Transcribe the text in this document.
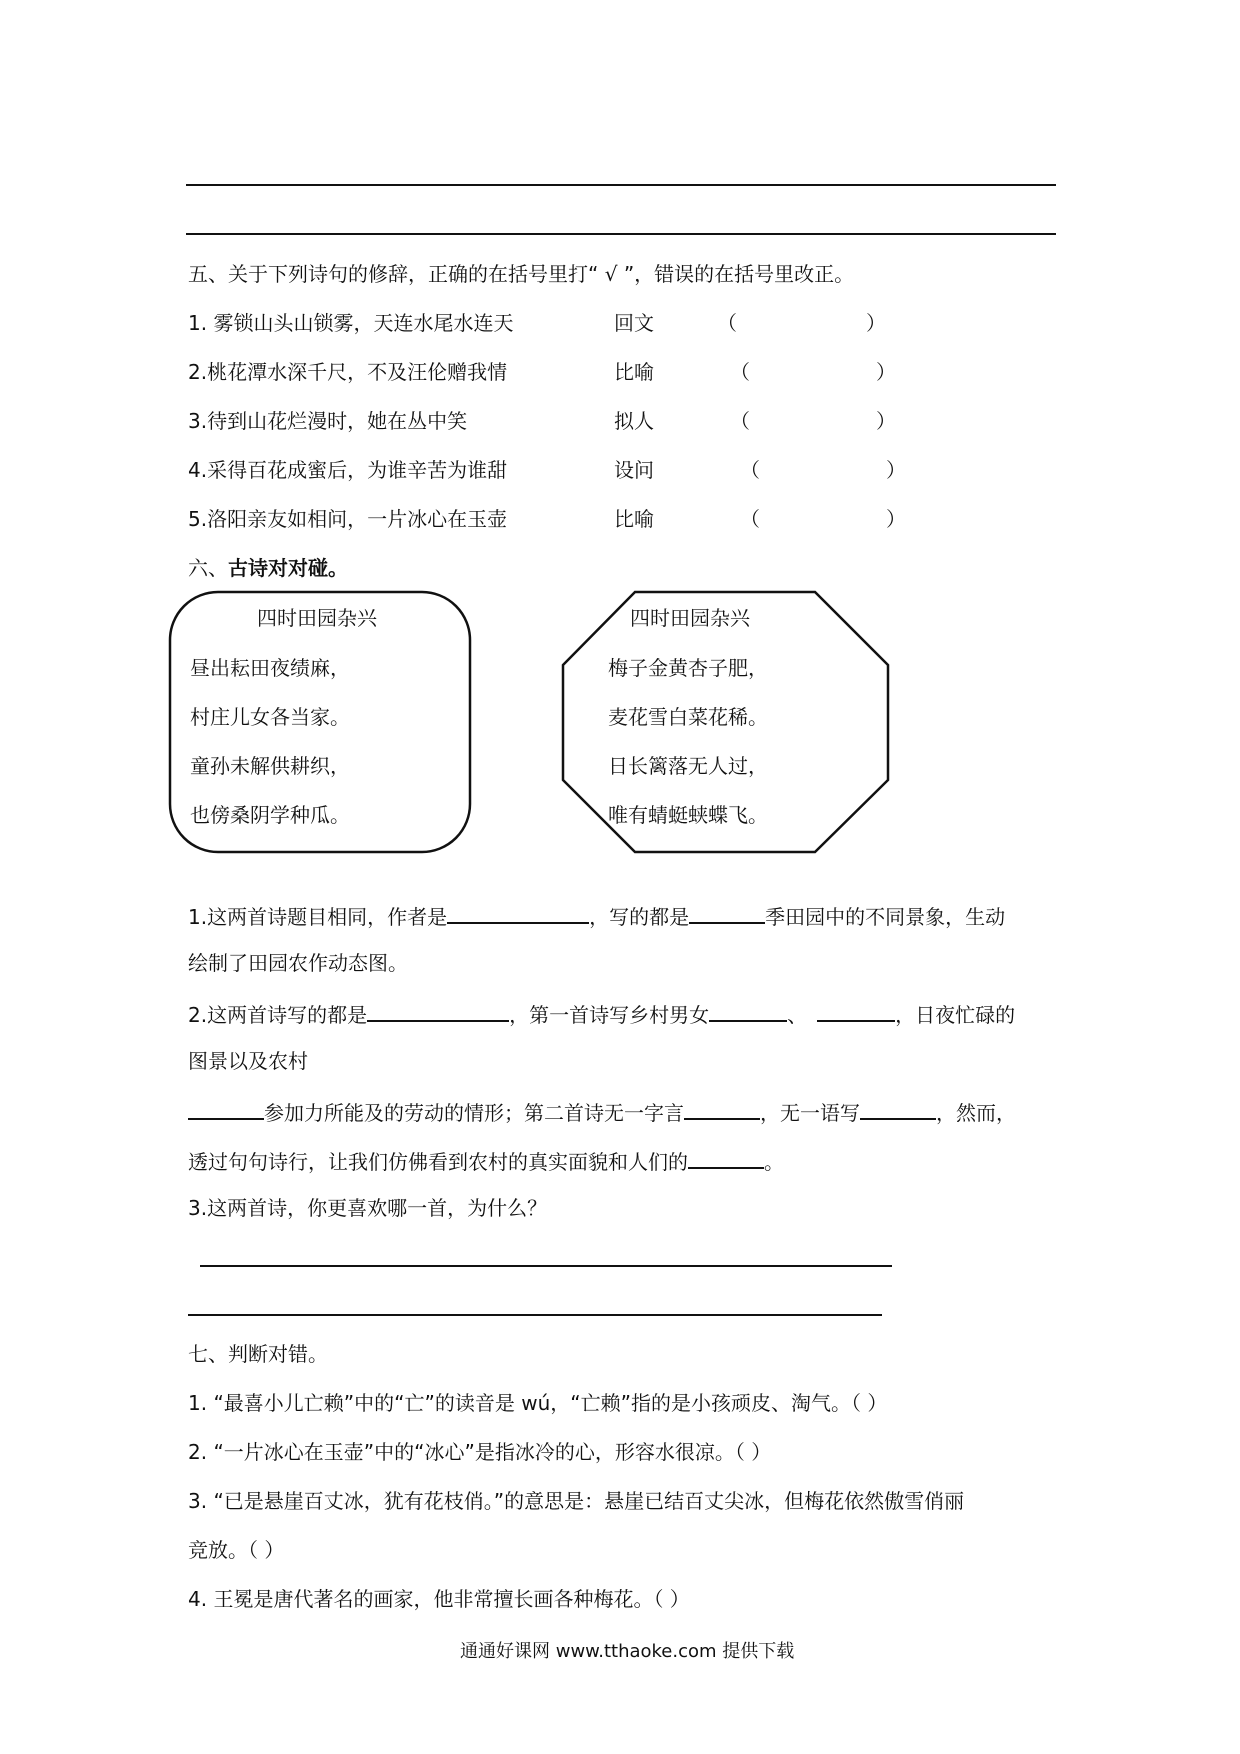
五、关于下列诗句的修辞，正确的在括号里打“ √ ”，错误的在括号里改正。
1. 雾锁山头山锁雾，天连水尾水连天	回文	（	）
2.桃花潭水深千尺，不及汪伦赠我情	比喻	（	）
3.待到山花烂漫时，她在丛中笑	拟人	（	）
4.采得百花成蜜后，为谁辛苦为谁甜	设问	（	）
5.洛阳亲友如相问，一片冰心在玉壶	比喻	（	）
六、古诗对对碰。
四时田园杂兴
昼出耘田夜绩麻，
村庄儿女各当家。
童孙未解供耕织，
也傍桑阴学种瓜。
四时田园杂兴
梅子金黄杏子肥，
麦花雪白菜花稀。
日长篱落无人过，
唯有蜻蜓蛱蝶飞。
1.这两首诗题目相同，作者是	，写的都是	季田园中的不同景象，生动
绘制了田园农作动态图。
2.这两首诗写的都是	，第一首诗写乡村男女	、	，日夜忙碌的
图景以及农村
参加力所能及的劳动的情形；第二首诗无一字言	，无一语写	，然而，
透过句句诗行，让我们仿佛看到农村的真实面貌和人们的	。
3.这两首诗，你更喜欢哪一首，为什么？
七、判断对错。
1. “最喜小儿亡赖”中的“亡”的读音是 wú，“亡赖”指的是小孩顽皮、淘气。（ ）
2. “一片冰心在玉壶”中的“冰心”是指冰冷的心，形容水很凉。（ ）
3. “已是悬崖百丈冰，犹有花枝俏。”的意思是：悬崖已结百丈尖冰，但梅花依然傲雪俏丽
竞放。（ ）
4. 王冕是唐代著名的画家，他非常擅长画各种梅花。（ ）
通通好课网 www.tthaoke.com 提供下载
